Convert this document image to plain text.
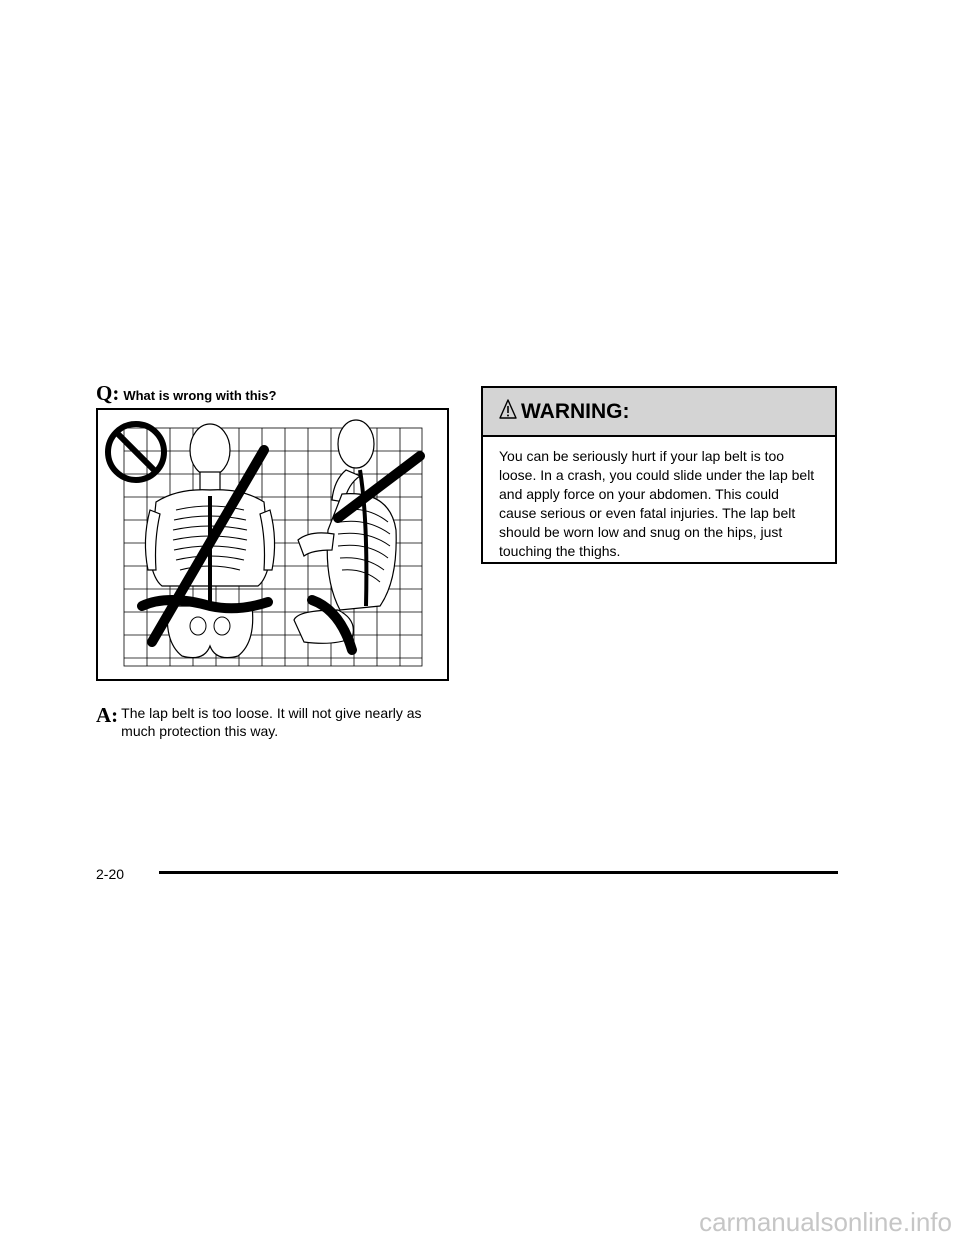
Q: What is wrong with this?
A: The lap belt is too loose. It will not give nearly as much protection this way.
WARNING:
You can be seriously hurt if your lap belt is too loose. In a crash, you could slide under the lap belt and apply force on your abdomen. This could cause serious or even fatal injuries. The lap belt should be worn low and snug on the hips, just touching the thighs.
2-20
carmanualsonline.info
